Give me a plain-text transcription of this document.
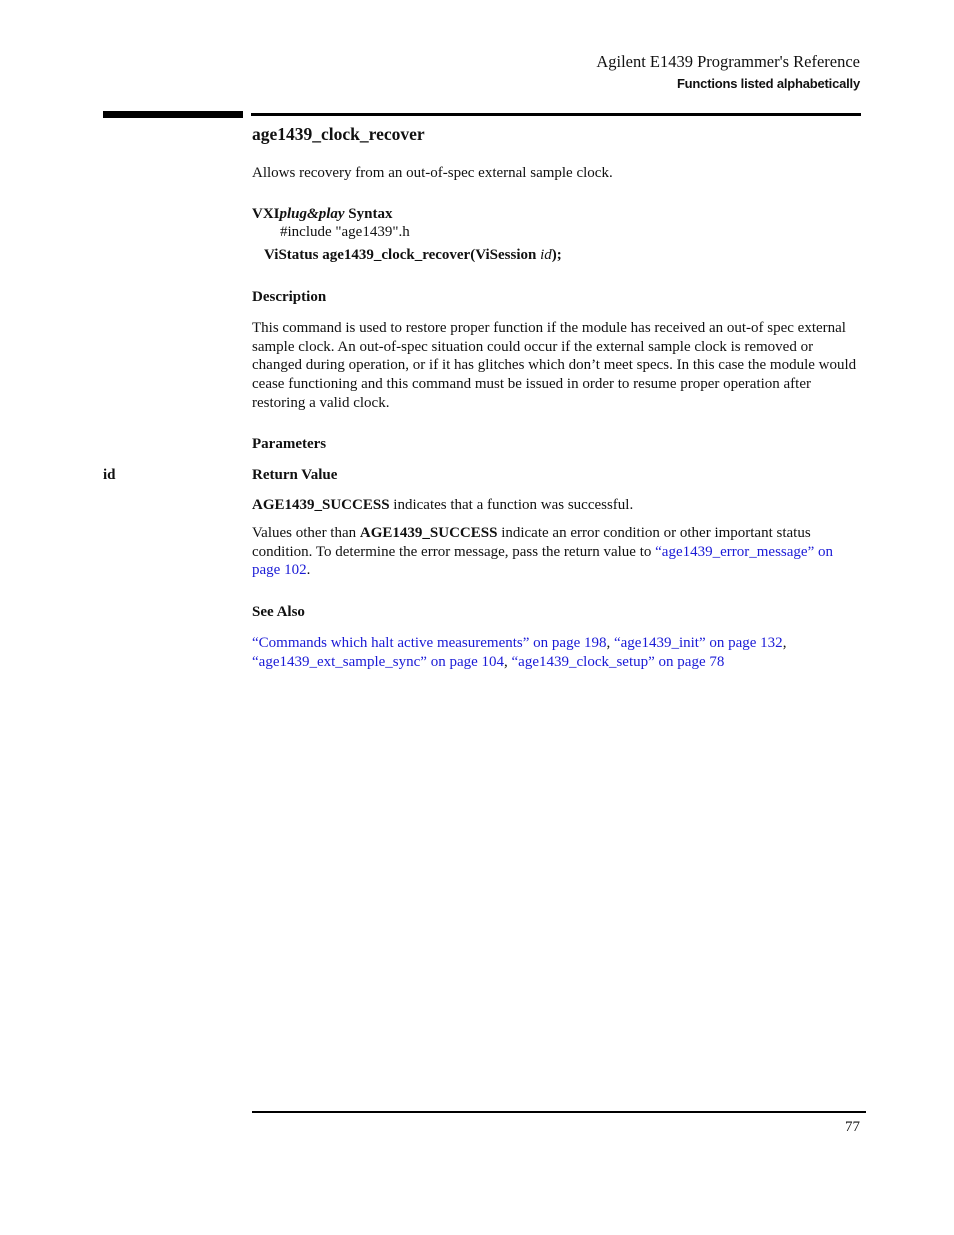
Agilent E1439 Programmer's Reference
Functions listed alphabetically
age1439_clock_recover
Allows recovery from an out-of-spec external sample clock.
VXIplug&play Syntax
#include "age1439".h
ViStatus age1439_clock_recover(ViSession id);
Description
This command is used to restore proper function if the module has received an out-of spec external sample clock. An out-of-spec situation could occur if the external sample clock is removed or changed during operation, or if it has glitches which don’t meet specs. In this case the module would cease functioning and this command must be issued in order to resume proper operation after restoring a valid clock.
Parameters
id	Return Value
AGE1439_SUCCESS indicates that a function was successful.
Values other than AGE1439_SUCCESS indicate an error condition or other important status condition. To determine the error message, pass the return value to “age1439_error_message” on page 102.
See Also
“Commands which halt active measurements” on page 198, “age1439_init” on page 132,
“age1439_ext_sample_sync” on page 104, “age1439_clock_setup” on page 78
77
